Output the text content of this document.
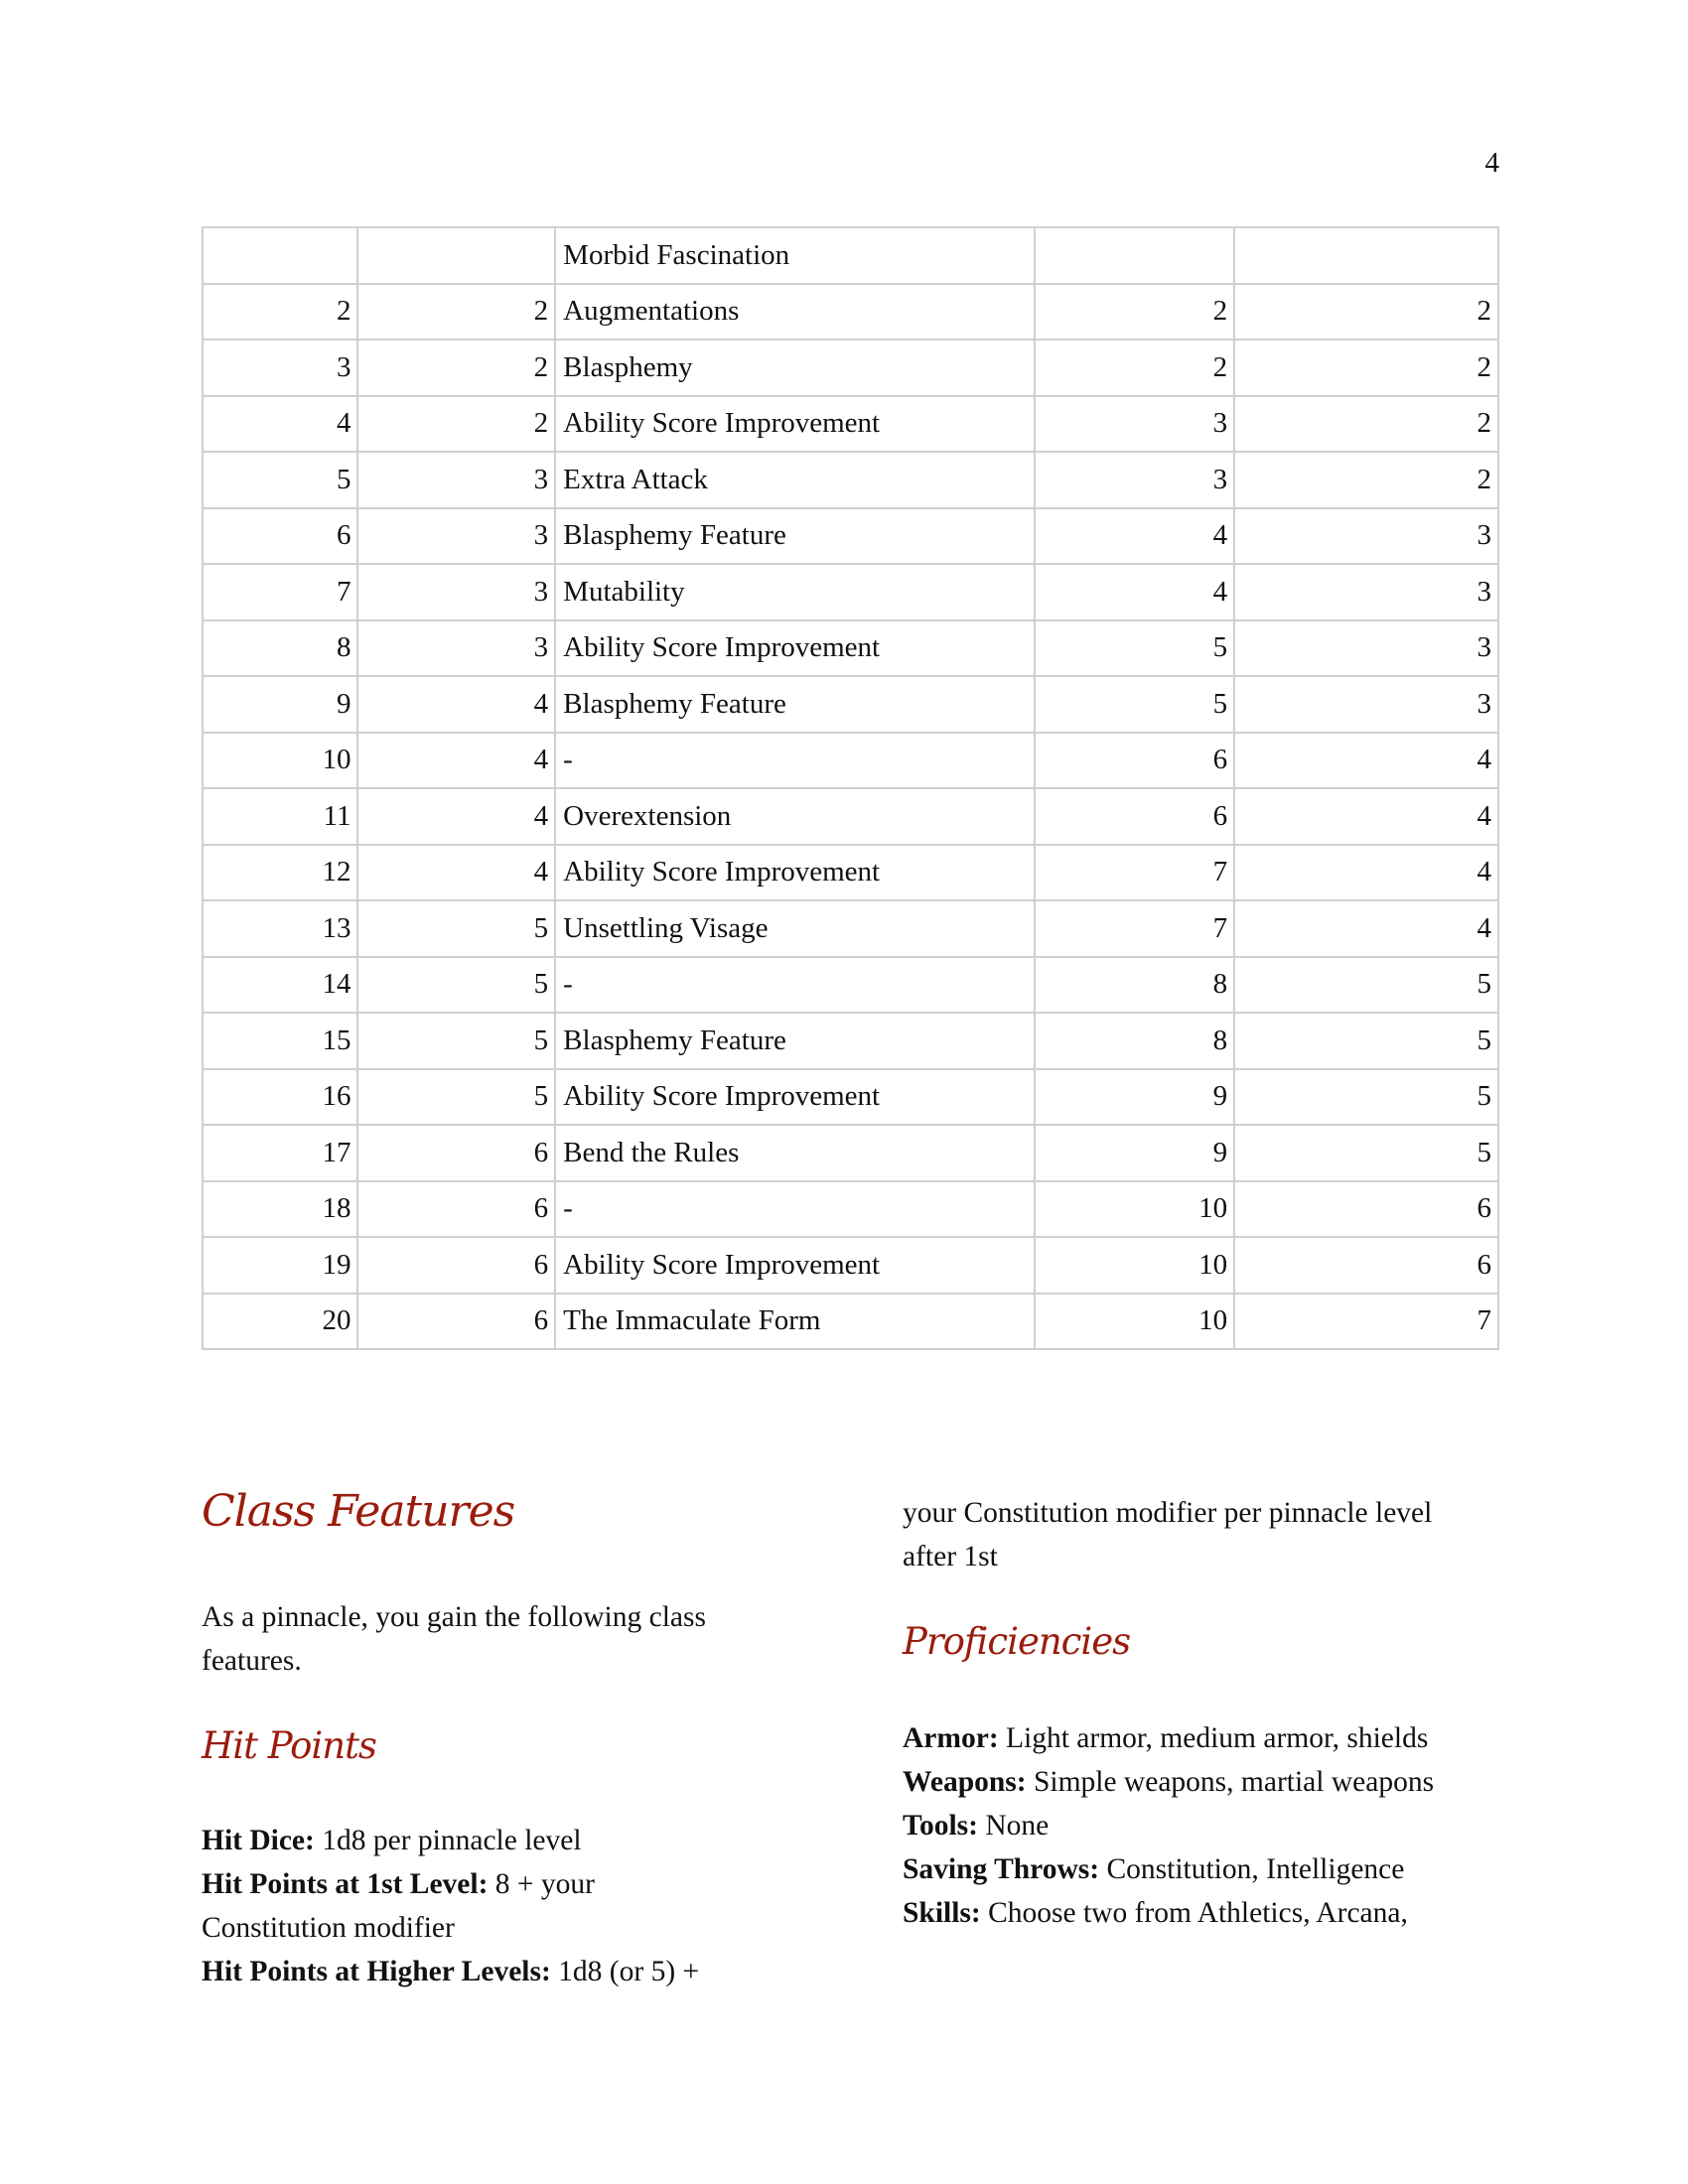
4
		Morbid Fascination		
2	2	Augmentations	2	2
3	2	Blasphemy	2	2
4	2	Ability Score Improvement	3	2
5	3	Extra Attack	3	2
6	3	Blasphemy Feature	4	3
7	3	Mutability	4	3
8	3	Ability Score Improvement	5	3
9	4	Blasphemy Feature	5	3
10	4	-	6	4
11	4	Overextension	6	4
12	4	Ability Score Improvement	7	4
13	5	Unsettling Visage	7	4
14	5	-	8	5
15	5	Blasphemy Feature	8	5
16	5	Ability Score Improvement	9	5
17	6	Bend the Rules	9	5
18	6	-	10	6
19	6	Ability Score Improvement	10	6
20	6	The Immaculate Form	10	7
Class Features
As a pinnacle, you gain the following class
features.
Hit Points
Hit Dice: 1d8 per pinnacle level
Hit Points at 1st Level: 8 + your
Constitution modifier
Hit Points at Higher Levels: 1d8 (or 5) +
your Constitution modifier per pinnacle level
after 1st
Proficiencies
Armor: Light armor, medium armor, shields
Weapons: Simple weapons, martial weapons
Tools: None
Saving Throws: Constitution, Intelligence
Skills: Choose two from Athletics, Arcana,
